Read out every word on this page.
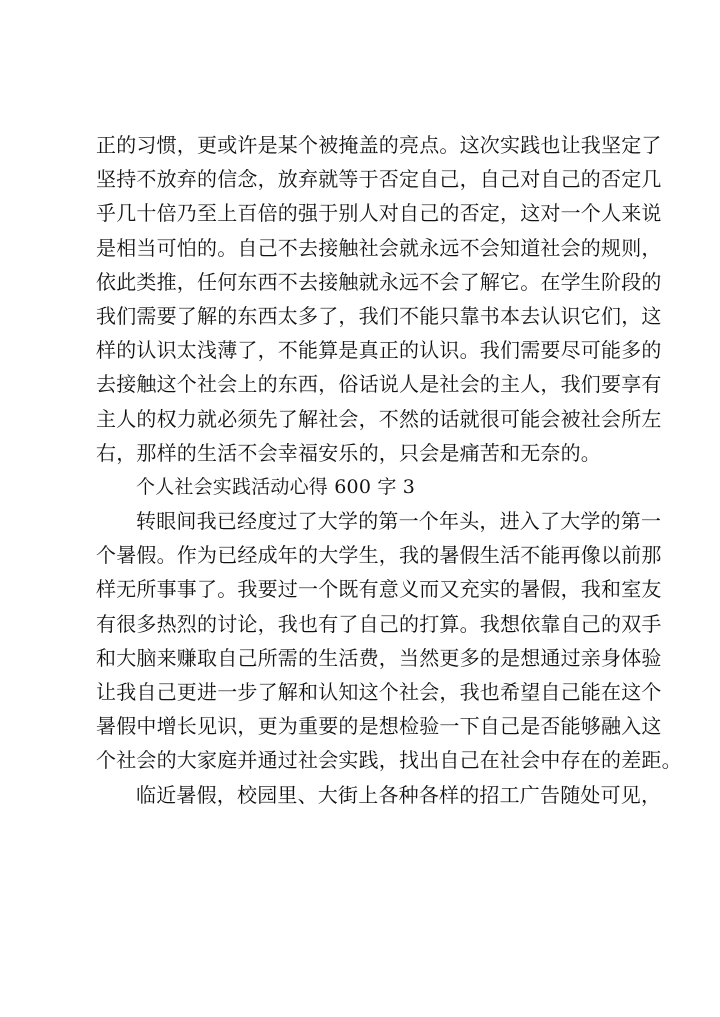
正的习惯，更或许是某个被掩盖的亮点。这次实践也让我坚定了
坚持不放弃的信念，放弃就等于否定自己，自己对自己的否定几
乎几十倍乃至上百倍的强于别人对自己的否定，这对一个人来说
是相当可怕的。自己不去接触社会就永远不会知道社会的规则，
依此类推，任何东西不去接触就永远不会了解它。在学生阶段的
我们需要了解的东西太多了，我们不能只靠书本去认识它们，这
样的认识太浅薄了，不能算是真正的认识。我们需要尽可能多的
去接触这个社会上的东西，俗话说人是社会的主人，我们要享有
主人的权力就必须先了解社会，不然的话就很可能会被社会所左
右，那样的生活不会幸福安乐的，只会是痛苦和无奈的。
个人社会实践活动心得 600 字 3
转眼间我已经度过了大学的第一个年头，进入了大学的第一
个暑假。作为已经成年的大学生，我的暑假生活不能再像以前那
样无所事事了。我要过一个既有意义而又充实的暑假，我和室友
有很多热烈的讨论，我也有了自己的打算。我想依靠自己的双手
和大脑来赚取自己所需的生活费，当然更多的是想通过亲身体验
让我自己更进一步了解和认知这个社会，我也希望自己能在这个
暑假中增长见识，更为重要的是想检验一下自己是否能够融入这
个社会的大家庭并通过社会实践，找出自己在社会中存在的差距。
临近暑假，校园里、大街上各种各样的招工广告随处可见，
